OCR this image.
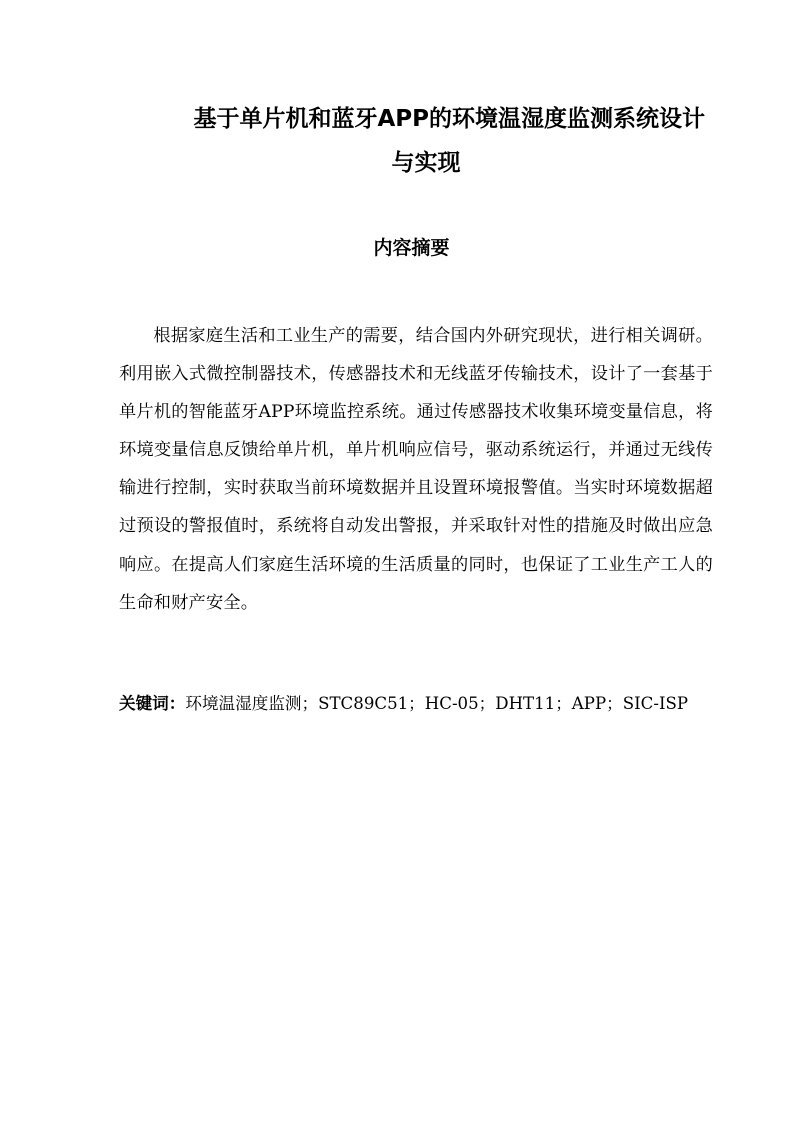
基于单片机和蓝牙APP的环境温湿度监测系统设计
与实现
内容摘要
根据家庭生活和工业生产的需要，结合国内外研究现状，进行相关调研。利用嵌入式微控制器技术，传感器技术和无线蓝牙传输技术，设计了一套基于单片机的智能蓝牙APP环境监控系统。通过传感器技术收集环境变量信息，将环境变量信息反馈给单片机，单片机响应信号，驱动系统运行，并通过无线传输进行控制，实时获取当前环境数据并且设置环境报警值。当实时环境数据超过预设的警报值时，系统将自动发出警报，并采取针对性的措施及时做出应急响应。在提高人们家庭生活环境的生活质量的同时，也保证了工业生产工人的生命和财产安全。
关键词：环境温湿度监测；STC89C51；HC-05；DHT11；APP；SIC-ISP
